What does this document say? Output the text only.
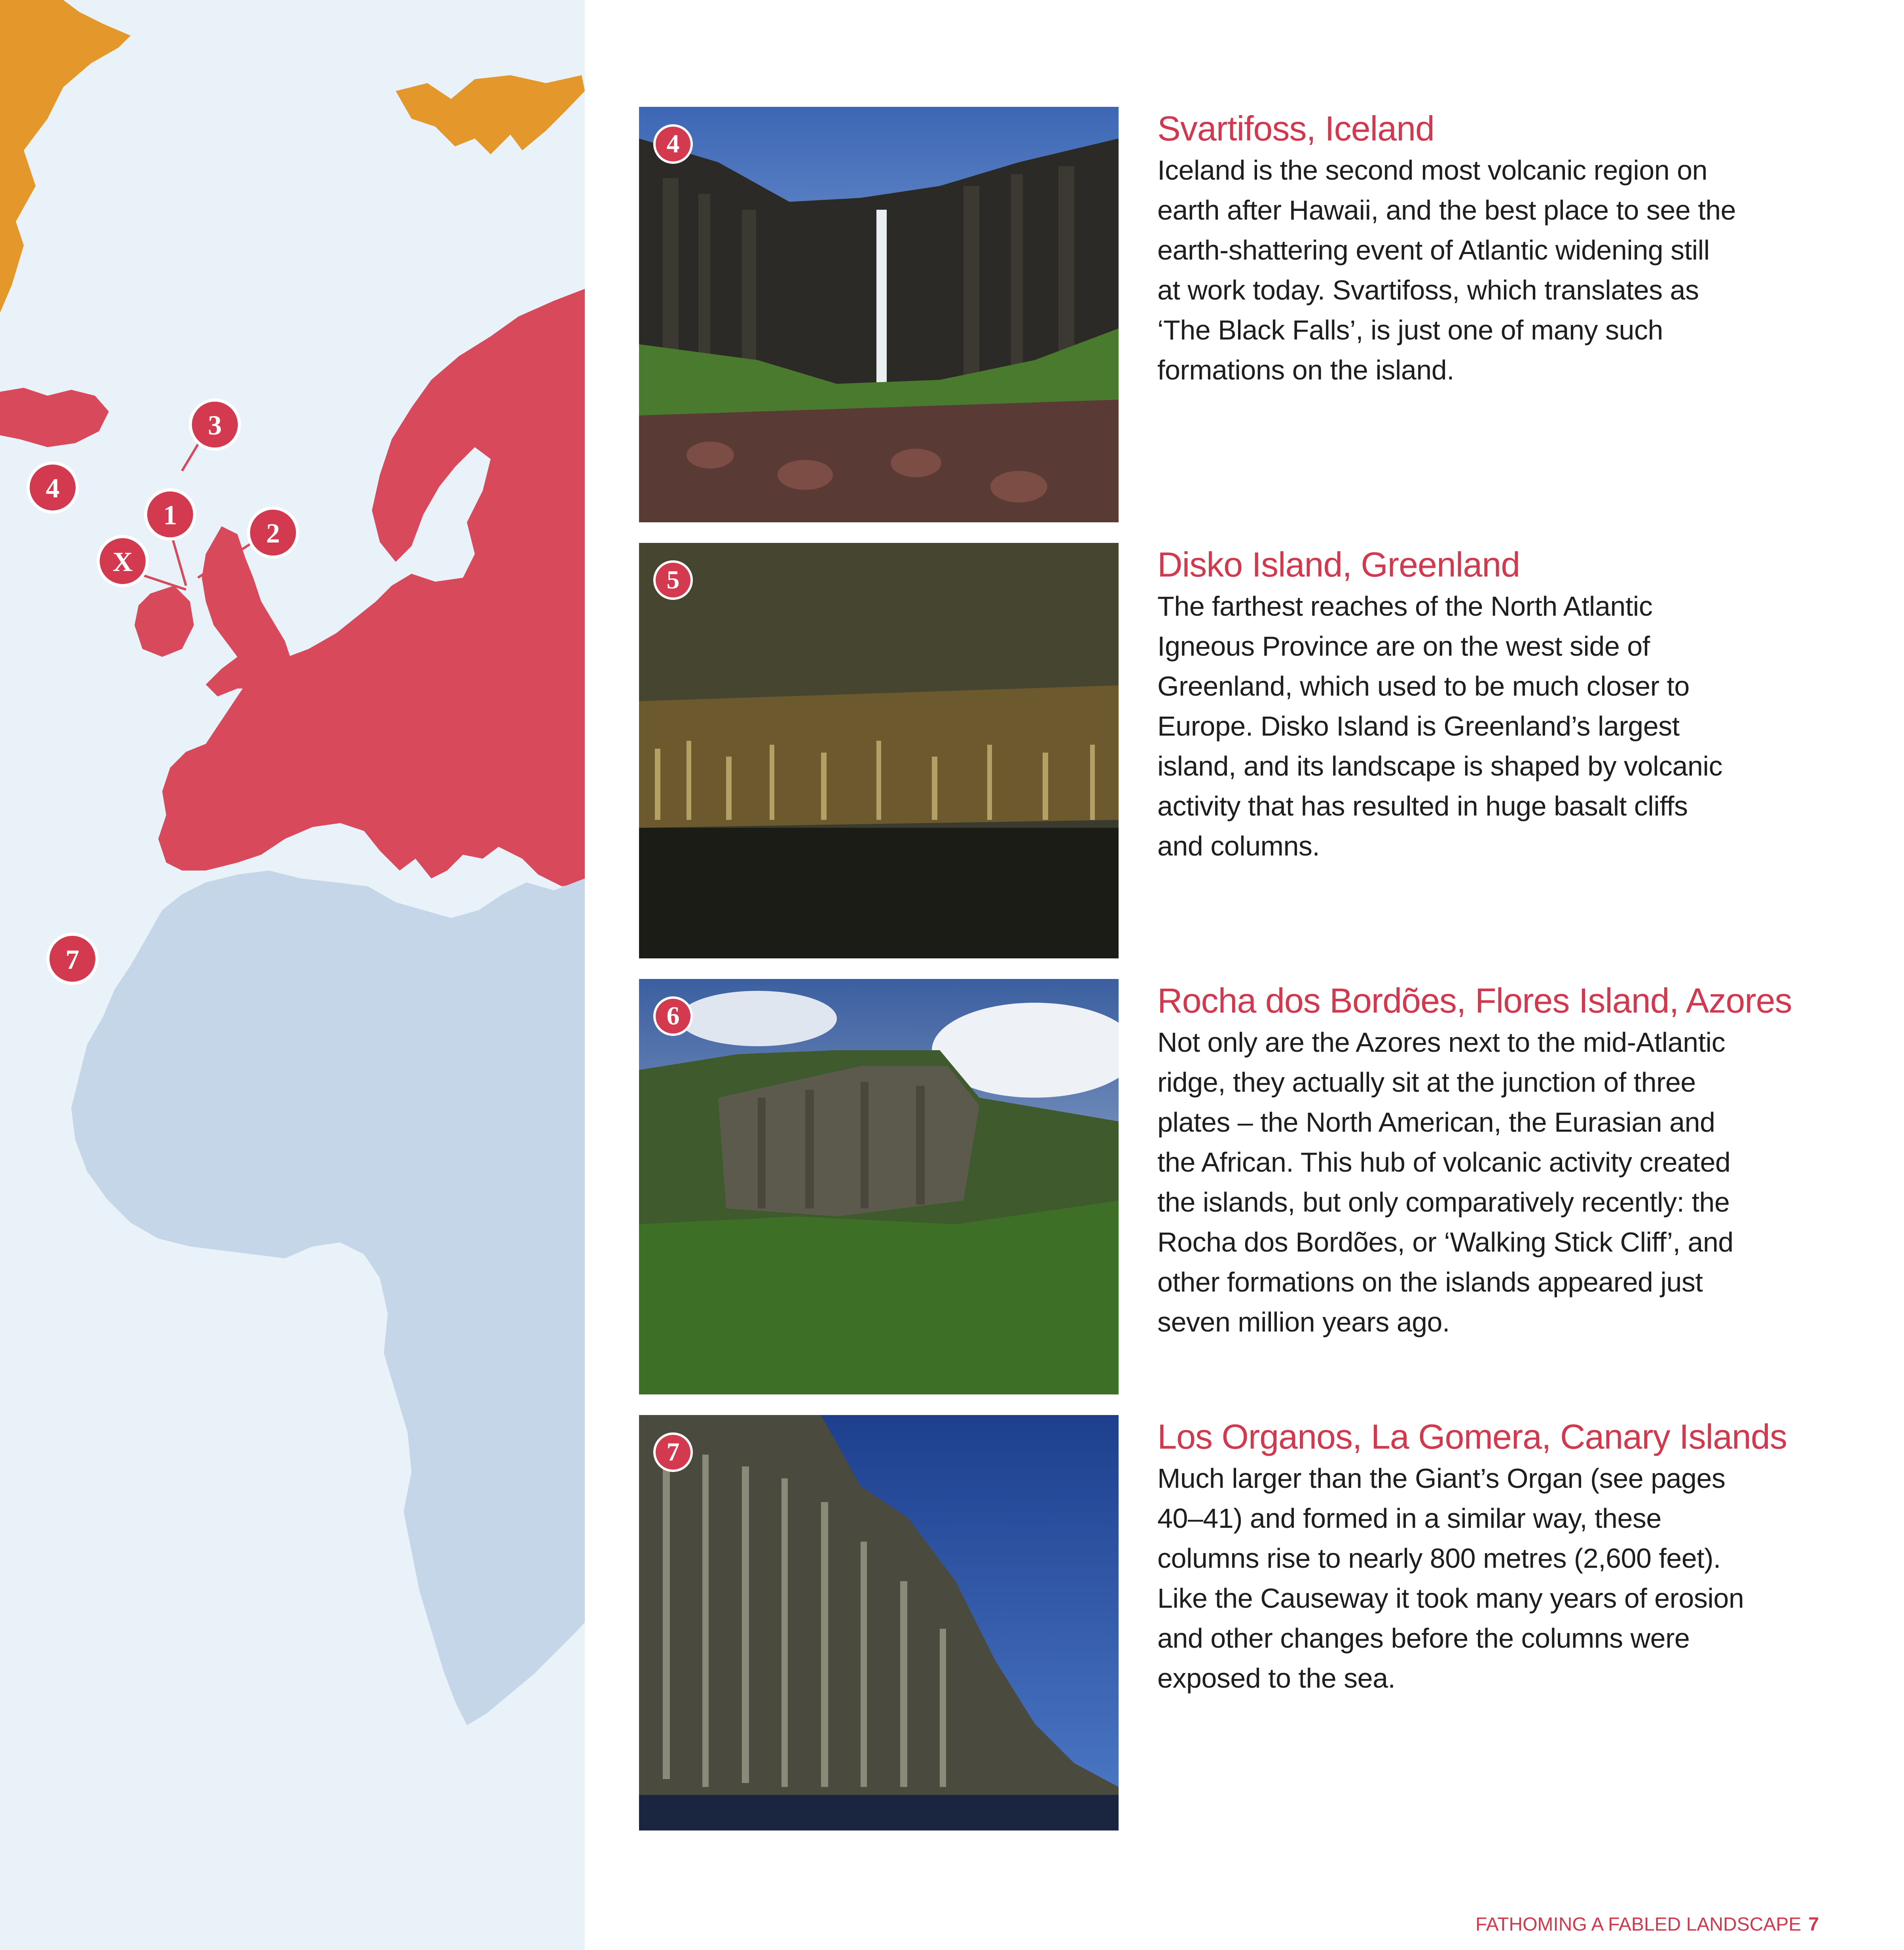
3
4
1
2
X
7
4	Svartifoss, Iceland

Iceland is the second most volcanic region on
earth after Hawaii, and the best place to see the
earth-shattering event of Atlantic widening still
at work today. Svartifoss, which translates as
‘The Black Falls’, is just one of many such
formations on the island.

5	Disko Island, Greenland

The farthest reaches of the North Atlantic
Igneous Province are on the west side of
Greenland, which used to be much closer to
Europe. Disko Island is Greenland’s largest
island, and its landscape is shaped by volcanic
activity that has resulted in huge basalt cliffs
and columns.

6	Rocha dos Bordões, Flores Island, Azores

Not only are the Azores next to the mid-Atlantic
ridge, they actually sit at the junction of three
plates – the North American, the Eurasian and
the African. This hub of volcanic activity created
the islands, but only comparatively recently: the
Rocha dos Bordões, or ‘Walking Stick Cliff’, and
other formations on the islands appeared just
seven million years ago.

7	Los Organos, La Gomera, Canary Islands

Much larger than the Giant’s Organ (see pages
40–41) and formed in a similar way, these
columns rise to nearly 800 metres (2,600 feet).
Like the Causeway it took many years of erosion
and other changes before the columns were
exposed to the sea.

FATHOMING A FABLED LANDSCAPE 7
